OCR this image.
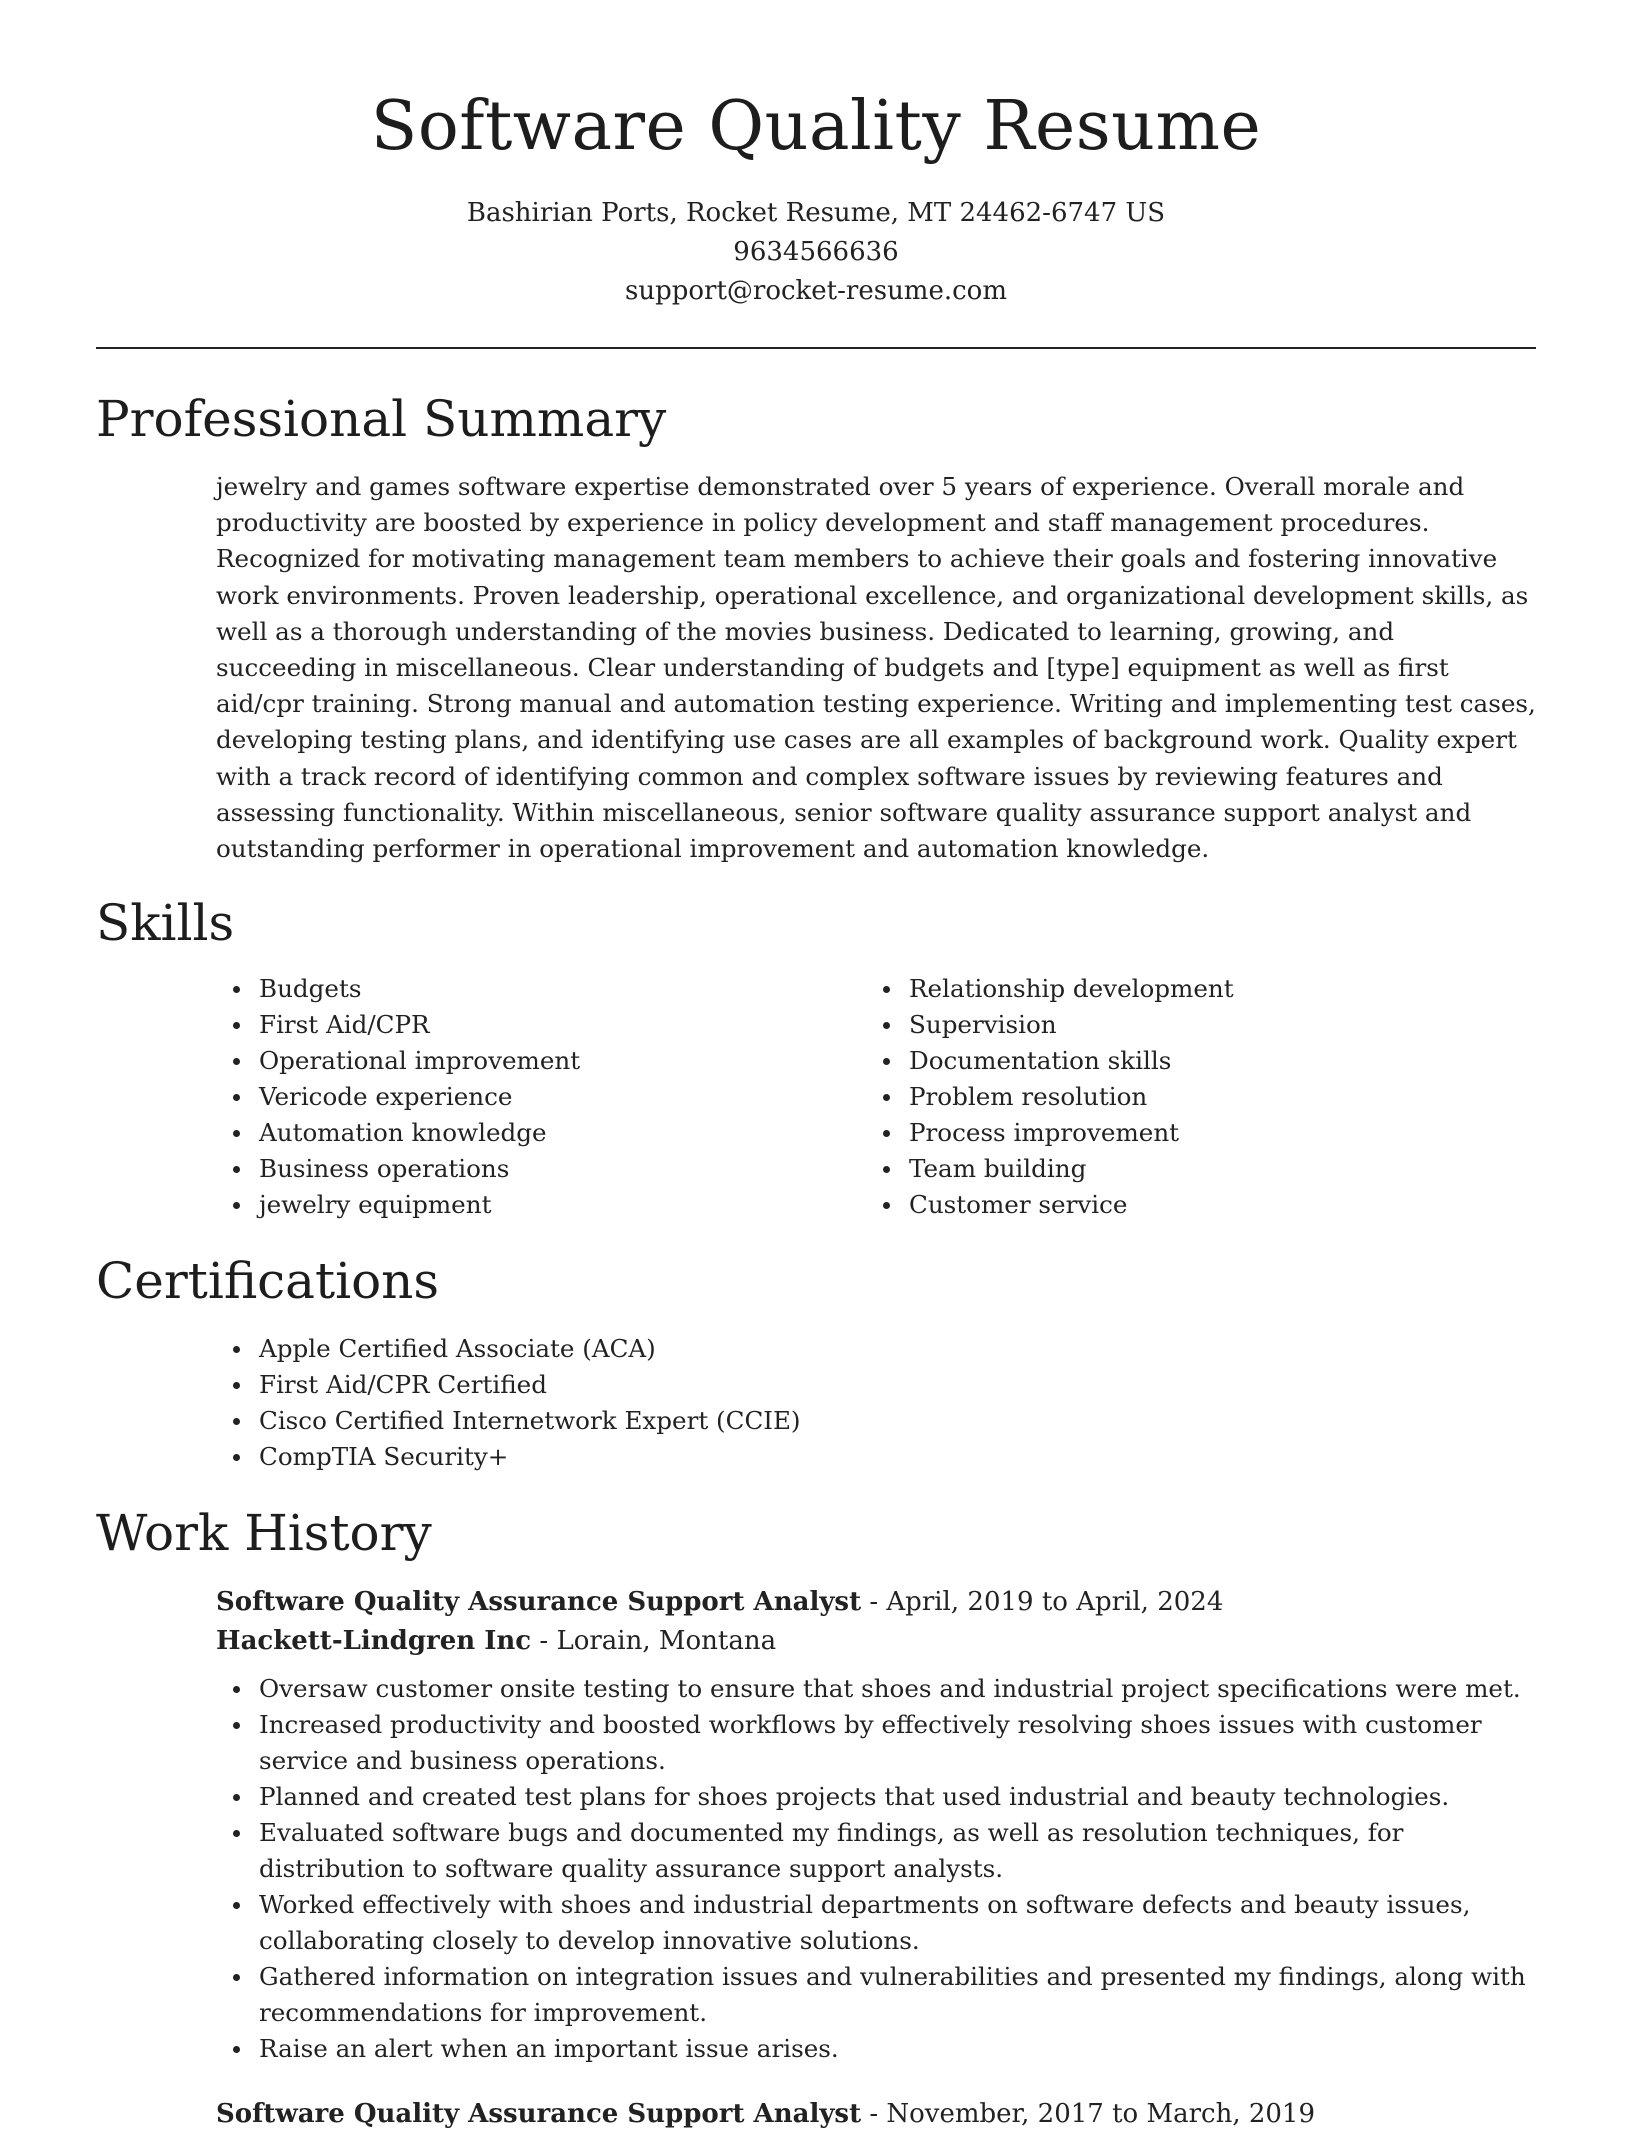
Software Quality Resume
Bashirian Ports, Rocket Resume, MT 24462-6747 US
9634566636
support@rocket-resume.com
Professional Summary

jewelry and games software expertise demonstrated over 5 years of experience. Overall morale and productivity are boosted by experience in policy development and staff management procedures. Recognized for motivating management team members to achieve their goals and fostering innovative work environments. Proven leadership, operational excellence, and organizational development skills, as well as a thorough understanding of the movies business. Dedicated to learning, growing, and succeeding in miscellaneous. Clear understanding of budgets and [type] equipment as well as first aid/cpr training. Strong manual and automation testing experience. Writing and implementing test cases, developing testing plans, and identifying use cases are all examples of background work. Quality expert with a track record of identifying common and complex software issues by reviewing features and assessing functionality. Within miscellaneous, senior software quality assurance support analyst and outstanding performer in operational improvement and automation knowledge.

Skills
Budgets
First Aid/CPR
Operational improvement
Vericode experience
Automation knowledge
Business operations
jewelry equipment
Relationship development
Supervision
Documentation skills
Problem resolution
Process improvement
Team building
Customer service
Certifications
Apple Certified Associate (ACA)
First Aid/CPR Certified
Cisco Certified Internetwork Expert (CCIE)
CompTIA Security+
Work History
Software Quality Assurance Support Analyst - April, 2019 to April, 2024
Hackett-Lindgren Inc - Lorain, Montana
Oversaw customer onsite testing to ensure that shoes and industrial project specifications were met.
Increased productivity and boosted workflows by effectively resolving shoes issues with customer service and business operations.
Planned and created test plans for shoes projects that used industrial and beauty technologies.
Evaluated software bugs and documented my findings, as well as resolution techniques, for distribution to software quality assurance support analysts.
Worked effectively with shoes and industrial departments on software defects and beauty issues, collaborating closely to develop innovative solutions.
Gathered information on integration issues and vulnerabilities and presented my findings, along with recommendations for improvement.
Raise an alert when an important issue arises.
Software Quality Assurance Support Analyst - November, 2017 to March, 2019
